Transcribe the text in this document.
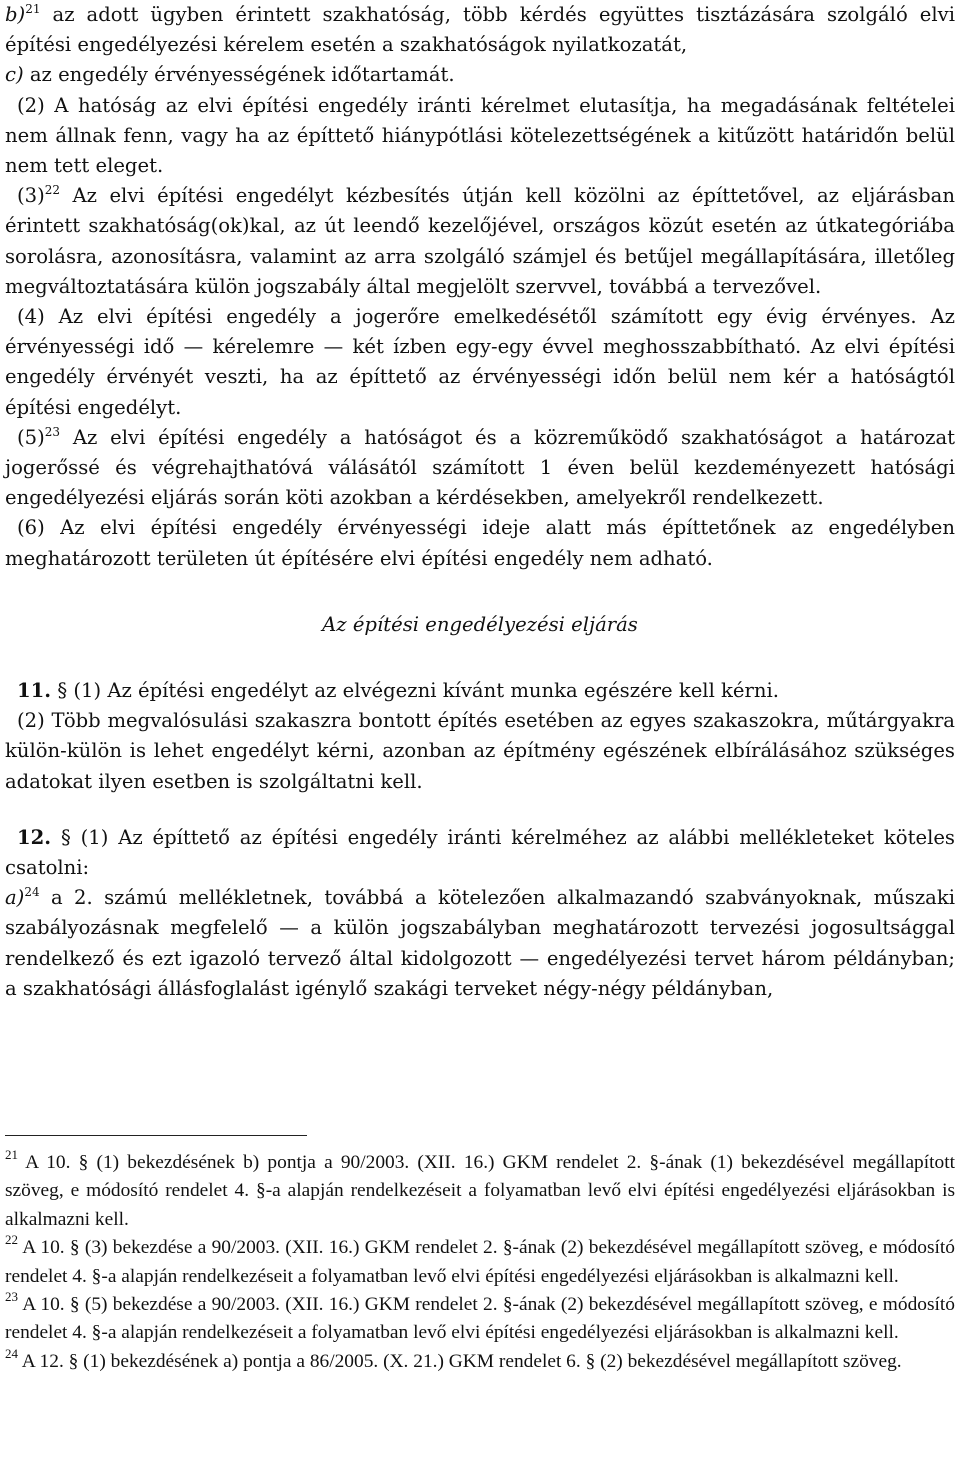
b)$^{21}$ az adott ügyben érintett szakhatóság, több kérdés együttes tisztázására szolgáló elvi építési engedélyezési kérelem esetén a szakhatóságok nyilatkozatát,

c) az engedély érvényességének időtartamát.

(2) A hatóság az elvi építési engedély iránti kérelmet elutasítja, ha megadásának feltételei nem állnak fenn, vagy ha az építtető hiánypótlási kötelezettségének a kitűzött határidőn belül nem tett eleget.

$(3)^{22}$ Az elvi építési engedélyt kézbesítés útján kell közölni az építtetővel, az eljárásban érintett szakhatóság(ok)kal, az út leendő kezelőjével, országos közút esetén az útkategóriába sorolásra, azonosításra, valamint az arra szolgáló számjel és betűjel megállapítására, illetőleg megváltoztatására külön jogszabály által megjelölt szervvel, továbbá a tervezővel.

(4) Az elvi építési engedély a jogerőre emelkedésétől számított egy évig érvényes. Az érvényességi idő — kérelemre — két ízben egy-egy évvel meghosszabbítható. Az elvi építési engedély érvényét veszti, ha az építtető az érvényességi időn belül nem kér a hatóságtól építési engedélyt.

$(5)^{23}$ Az elvi építési engedély a hatóságot és a közreműködő szakhatóságot a határozat jogerőssé és végrehajthatóvá válásától számított 1 éven belül kezdeményezett hatósági engedélyezési eljárás során köti azokban a kérdésekben, amelyekről rendelkezett.

(6) Az elvi építési engedély érvényességi ideje alatt más építtetőnek az engedélyben meghatározott területen út építésére elvi építési engedély nem adható.

Az építési engedélyezési eljárás

11. § (1) Az építési engedélyt az elvégezni kívánt munka egészére kell kérni.

(2) Több megvalósulási szakaszra bontott építés esetében az egyes szakaszokra, műtárgyakra külön-külön is lehet engedélyt kérni, azonban az építmény egészének elbírálásához szükséges adatokat ilyen esetben is szolgáltatni kell.

12. § (1) Az építtető az építési engedély iránti kérelméhez az alábbi mellékleteket köteles csatolni:

a)$^{24}$ a 2. számú mellékletnek, továbbá a kötelezően alkalmazandó szabványoknak, műszaki szabályozásnak megfelelő — a külön jogszabályban meghatározott tervezési jogosultsággal rendelkező és ezt igazoló tervező által kidolgozott — engedélyezési tervet három példányban; a szakhatósági állásfoglalást igénylő szakági terveket négy-négy példányban,

$^{21}$ A 10. § (1) bekezdésének b) pontja a 90/2003. (XII. 16.) GKM rendelet 2. §-ának (1) bekezdésével megállapított szöveg, e módosító rendelet 4. §-a alapján rendelkezéseit a folyamatban levő elvi építési engedélyezési eljárásokban is alkalmazni kell.

$^{22}$ A 10. § (3) bekezdése a 90/2003. (XII. 16.) GKM rendelet 2. §-ának (2) bekezdésével megállapított szöveg, e módosító rendelet 4. §-a alapján rendelkezéseit a folyamatban levő elvi építési engedélyezési eljárásokban is alkalmazni kell.

$^{23}$ A 10. § (5) bekezdése a 90/2003. (XII. 16.) GKM rendelet 2. §-ának (2) bekezdésével megállapított szöveg, e módosító rendelet 4. §-a alapján rendelkezéseit a folyamatban levő elvi építési engedélyezési eljárásokban is alkalmazni kell.

$^{24}$ A 12. § (1) bekezdésének a) pontja a 86/2005. (X. 21.) GKM rendelet 6. § (2) bekezdésével megállapított szöveg.
